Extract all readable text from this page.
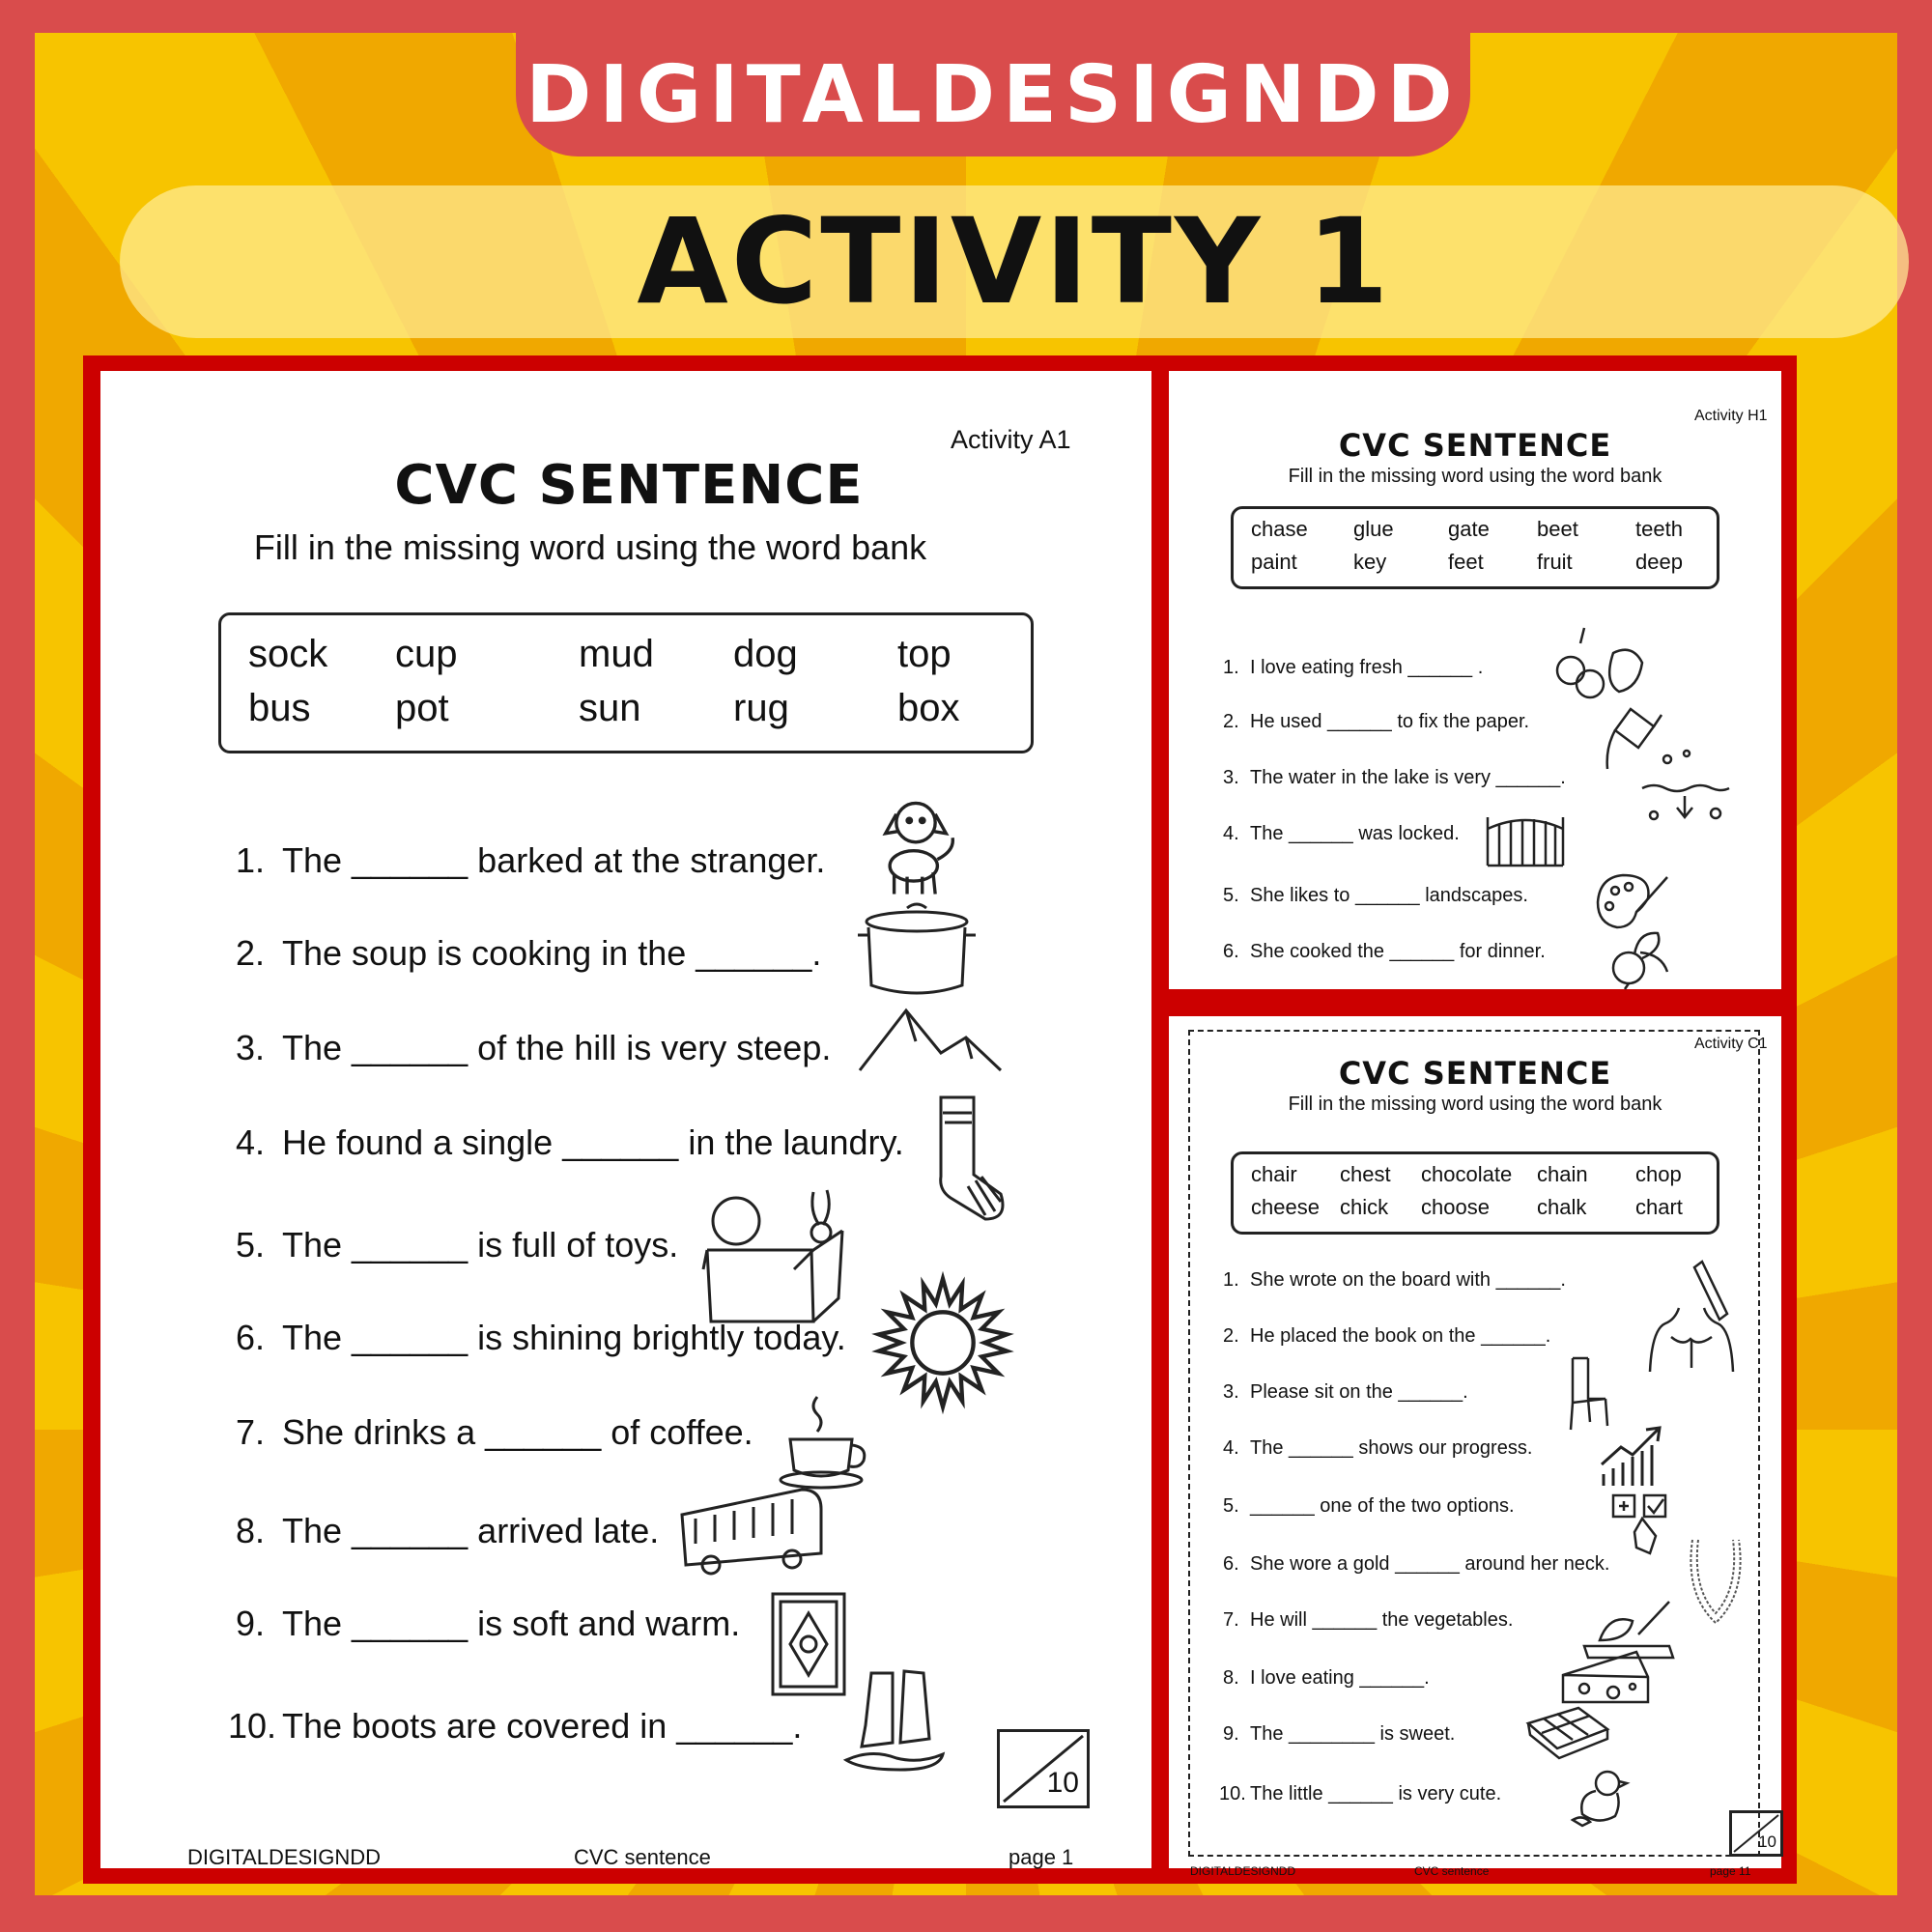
DIGITALDESIGNDD
ACTIVITY 1
Activity A1
CVC SENTENCE
Fill in the missing word using the word bank
sock cup	mud dog	top
bus pot	sun rug	box
1. The ______ barked at the stranger.
2. The soup is cooking in the ______.
3. The ______ of the hill is very steep.
4. He found a single ______ in the laundry.
5. The ______ is full of toys.
6. The ______ is shining brightly today.
7. She drinks a ______ of coffee.
8. The ______ arrived late.
9. The ______ is soft and warm.
10. The boots are covered in ______.
10
DIGITALDESIGNDD	CVC sentence	page 1
Activity H1
CVC SENTENCE
Fill in the missing word using the word bank
chase glue	gate beet	teeth
paint	key	feet	fruit	deep
1. I love eating fresh ______ .
2. He used ______ to fix the paper.
3. The water in the lake is very ______.
4. The ______ was locked.
5. She likes to ______ landscapes.
6. She cooked the ______ for dinner.
Activity C1
CVC SENTENCE
Fill in the missing word using the word bank
chair chest chocolate chain chop
cheese chick choose chalk chart
1. She wrote on the board with ______.
2. He placed the book on the ______.
3. Please sit on the ______.
4. The ______ shows our progress.
5. ______ one of the two options.
6. She wore a gold ______ around her neck.
7. He will ______ the vegetables.
8. I love eating ______.
9. The ________ is sweet.
10. The little ______ is very cute.
10
DIGITALDESIGNDD	CVC sentence	page 11
